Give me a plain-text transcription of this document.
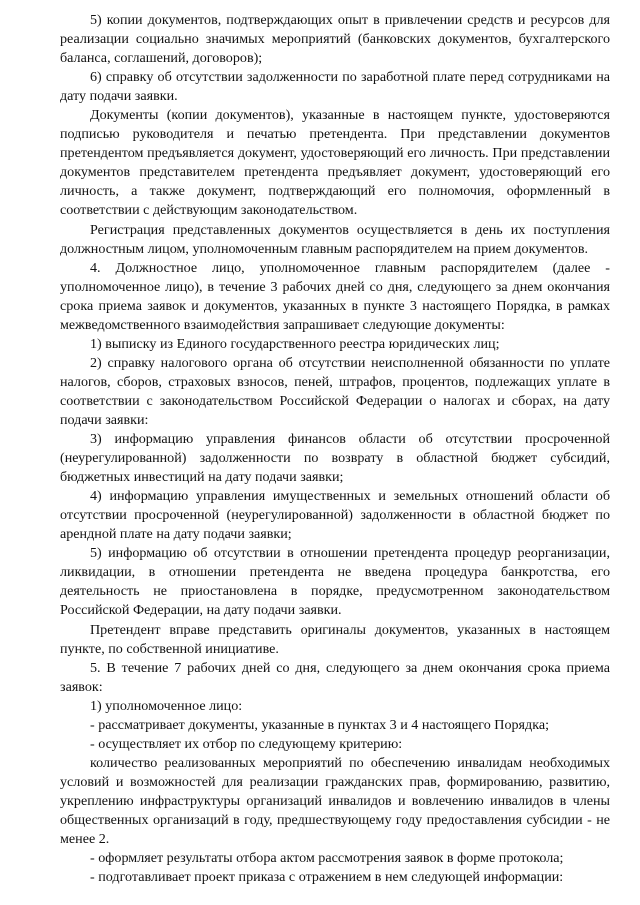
5) копии документов, подтверждающих опыт в привлечении средств и ресурсов для реализации социально значимых мероприятий (банковских документов, бухгалтерского баланса, соглашений, договоров);

6) справку об отсутствии задолженности по заработной плате перед сотрудниками на дату подачи заявки.

Документы (копии документов), указанные в настоящем пункте, удостоверяются подписью руководителя и печатью претендента. При представлении документов претендентом предъявляется документ, удостоверяющий его личность. При представлении документов представителем претендента предъявляет документ, удостоверяющий его личность, а также документ, подтверждающий его полномочия, оформленный в соответствии с действующим законодательством.

Регистрация представленных документов осуществляется в день их поступления должностным лицом, уполномоченным главным распорядителем на прием документов.

4. Должностное лицо, уполномоченное главным распорядителем (далее - уполномоченное лицо), в течение 3 рабочих дней со дня, следующего за днем окончания срока приема заявок и документов, указанных в пункте 3 настоящего Порядка, в рамках межведомственного взаимодействия запрашивает следующие документы:

1) выписку из Единого государственного реестра юридических лиц;

2) справку налогового органа об отсутствии неисполненной обязанности по уплате налогов, сборов, страховых взносов, пеней, штрафов, процентов, подлежащих уплате в соответствии с законодательством Российской Федерации о налогах и сборах, на дату подачи заявки:

3) информацию управления финансов области об отсутствии просроченной (неурегулированной) задолженности по возврату в областной бюджет субсидий, бюджетных инвестиций на дату подачи заявки;

4) информацию управления имущественных и земельных отношений области об отсутствии просроченной (неурегулированной) задолженности в областной бюджет по арендной плате на дату подачи заявки;

5) информацию об отсутствии в отношении претендента процедур реорганизации, ликвидации, в отношении претендента не введена процедура банкротства, его деятельность не приостановлена в порядке, предусмотренном законодательством Российской Федерации, на дату подачи заявки.

Претендент вправе представить оригиналы документов, указанных в настоящем пункте, по собственной инициативе.

5. В течение 7 рабочих дней со дня, следующего за днем окончания срока приема заявок:

1) уполномоченное лицо:

- рассматривает документы, указанные в пунктах 3 и 4 настоящего Порядка;

- осуществляет их отбор по следующему критерию:

количество реализованных мероприятий по обеспечению инвалидам необходимых условий и возможностей для реализации гражданских прав, формированию, развитию, укреплению инфраструктуры организаций инвалидов и вовлечению инвалидов в члены общественных организаций в году, предшествующему году предоставления субсидии - не менее 2.

- оформляет результаты отбора актом рассмотрения заявок в форме протокола;

- подготавливает проект приказа с отражением в нем следующей информации:
